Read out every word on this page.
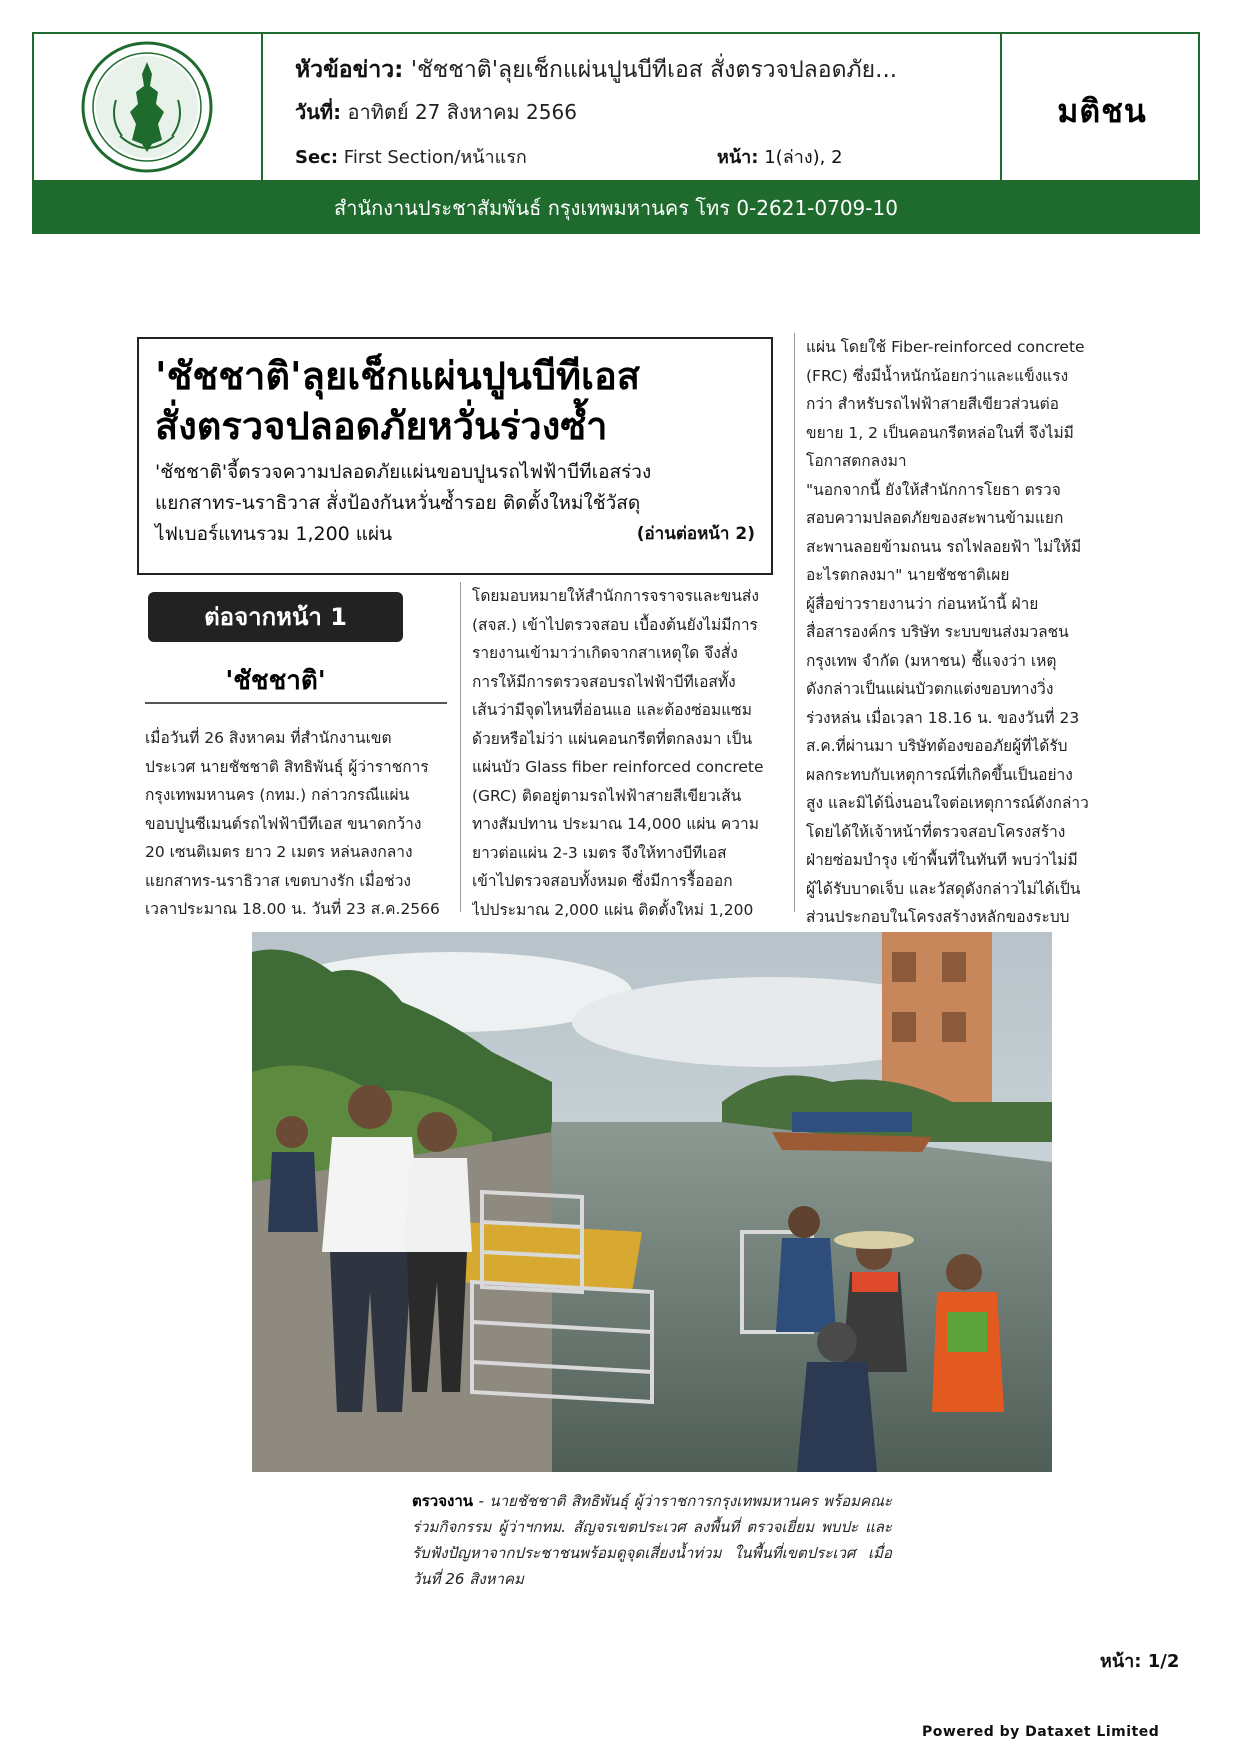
หัวข้อข่าว: 'ชัชชาติ'ลุยเช็กแผ่นปูนบีทีเอส สั่งตรวจปลอดภัย...
วันที่: อาทิตย์ 27 สิงหาคม 2566
Sec: First Section/หน้าแรก	หน้า: 1(ล่าง), 2
มติชน
สำนักงานประชาสัมพันธ์ กรุงเทพมหานคร โทร 0-2621-0709-10
'ชัชชาติ'ลุยเช็กแผ่นปูนบีทีเอส
สั่งตรวจปลอดภัยหวั่นร่วงซ้ำ
'ชัชชาติ'จี้ตรวจความปลอดภัยแผ่นขอบปูนรถไฟฟ้าบีทีเอสร่วง
แยกสาทร-นราธิวาส สั่งป้องกันหวั่นซ้ำรอย ติดตั้งใหม่ใช้วัสดุ
ไฟเบอร์แทนรวม 1,200 แผ่น	(อ่านต่อหน้า 2)
ต่อจากหน้า 1
'ชัชชาติ'

เมื่อวันที่ 26 สิงหาคม ที่สำนักงานเขต

ประเวศ นายชัชชาติ สิทธิพันธุ์ ผู้ว่าราชการ

กรุงเทพมหานคร (กทม.) กล่าวกรณีแผ่น

ขอบปูนซีเมนต์รถไฟฟ้าบีทีเอส ขนาดกว้าง

20 เซนติเมตร ยาว 2 เมตร หล่นลงกลาง

แยกสาทร-นราธิวาส เขตบางรัก เมื่อช่วง

เวลาประมาณ 18.00 น. วันที่ 23 ส.ค.2566

โดยมอบหมายให้สำนักการจราจรและขนส่ง

(สจส.) เข้าไปตรวจสอบ เบื้องต้นยังไม่มีการ

รายงานเข้ามาว่าเกิดจากสาเหตุใด จึงสั่ง

การให้มีการตรวจสอบรถไฟฟ้าบีทีเอสทั้ง

เส้นว่ามีจุดไหนที่อ่อนแอ และต้องซ่อมแซม

ด้วยหรือไม่ว่า แผ่นคอนกรีตที่ตกลงมา เป็น

แผ่นบัว Glass fiber reinforced concrete

(GRC) ติดอยู่ตามรถไฟฟ้าสายสีเขียวเส้น

ทางสัมปทาน ประมาณ 14,000 แผ่น ความ

ยาวต่อแผ่น 2-3 เมตร จึงให้ทางบีทีเอส

เข้าไปตรวจสอบทั้งหมด ซึ่งมีการรื้อออก

ไปประมาณ 2,000 แผ่น ติดตั้งใหม่ 1,200

แผ่น โดยใช้ Fiber-reinforced concrete

(FRC) ซึ่งมีน้ำหนักน้อยกว่าและแข็งแรง

กว่า สำหรับรถไฟฟ้าสายสีเขียวส่วนต่อ

ขยาย 1, 2 เป็นคอนกรีตหล่อในที่ จึงไม่มี

โอกาสตกลงมา

"นอกจากนี้ ยังให้สำนักการโยธา ตรวจ

สอบความปลอดภัยของสะพานข้ามแยก

สะพานลอยข้ามถนน รถไฟลอยฟ้า ไม่ให้มี

อะไรตกลงมา" นายชัชชาติเผย

ผู้สื่อข่าวรายงานว่า ก่อนหน้านี้ ฝ่าย

สื่อสารองค์กร บริษัท ระบบขนส่งมวลชน

กรุงเทพ จำกัด (มหาชน) ชี้แจงว่า เหตุ

ดังกล่าวเป็นแผ่นบัวตกแต่งขอบทางวิ่ง

ร่วงหล่น เมื่อเวลา 18.16 น. ของวันที่ 23

ส.ค.ที่ผ่านมา บริษัทต้องขออภัยผู้ที่ได้รับ

ผลกระทบกับเหตุการณ์ที่เกิดขึ้นเป็นอย่าง

สูง และมิได้นิ่งนอนใจต่อเหตุการณ์ดังกล่าว

โดยได้ให้เจ้าหน้าที่ตรวจสอบโครงสร้าง

ฝ่ายซ่อมบำรุง เข้าพื้นที่ในทันที พบว่าไม่มี

ผู้ได้รับบาดเจ็บ และวัสดุดังกล่าวไม่ได้เป็น

ส่วนประกอบในโครงสร้างหลักของระบบ

ตรวจงาน - นายชัชชาติ สิทธิพันธุ์ ผู้ว่าราชการกรุงเทพมหานคร พร้อมคณะ ร่วมกิจกรรม ผู้ว่าฯกทม. สัญจรเขตประเวศ ลงพื้นที่ ตรวจเยี่ยม พบปะ และรับฟังปัญหาจากประชาชนพร้อมดูจุดเสี่ยงน้ำท่วม ในพื้นที่เขตประเวศ เมื่อวันที่ 26 สิงหาคม
หน้า: 1/2
Powered by Dataxet Limited
